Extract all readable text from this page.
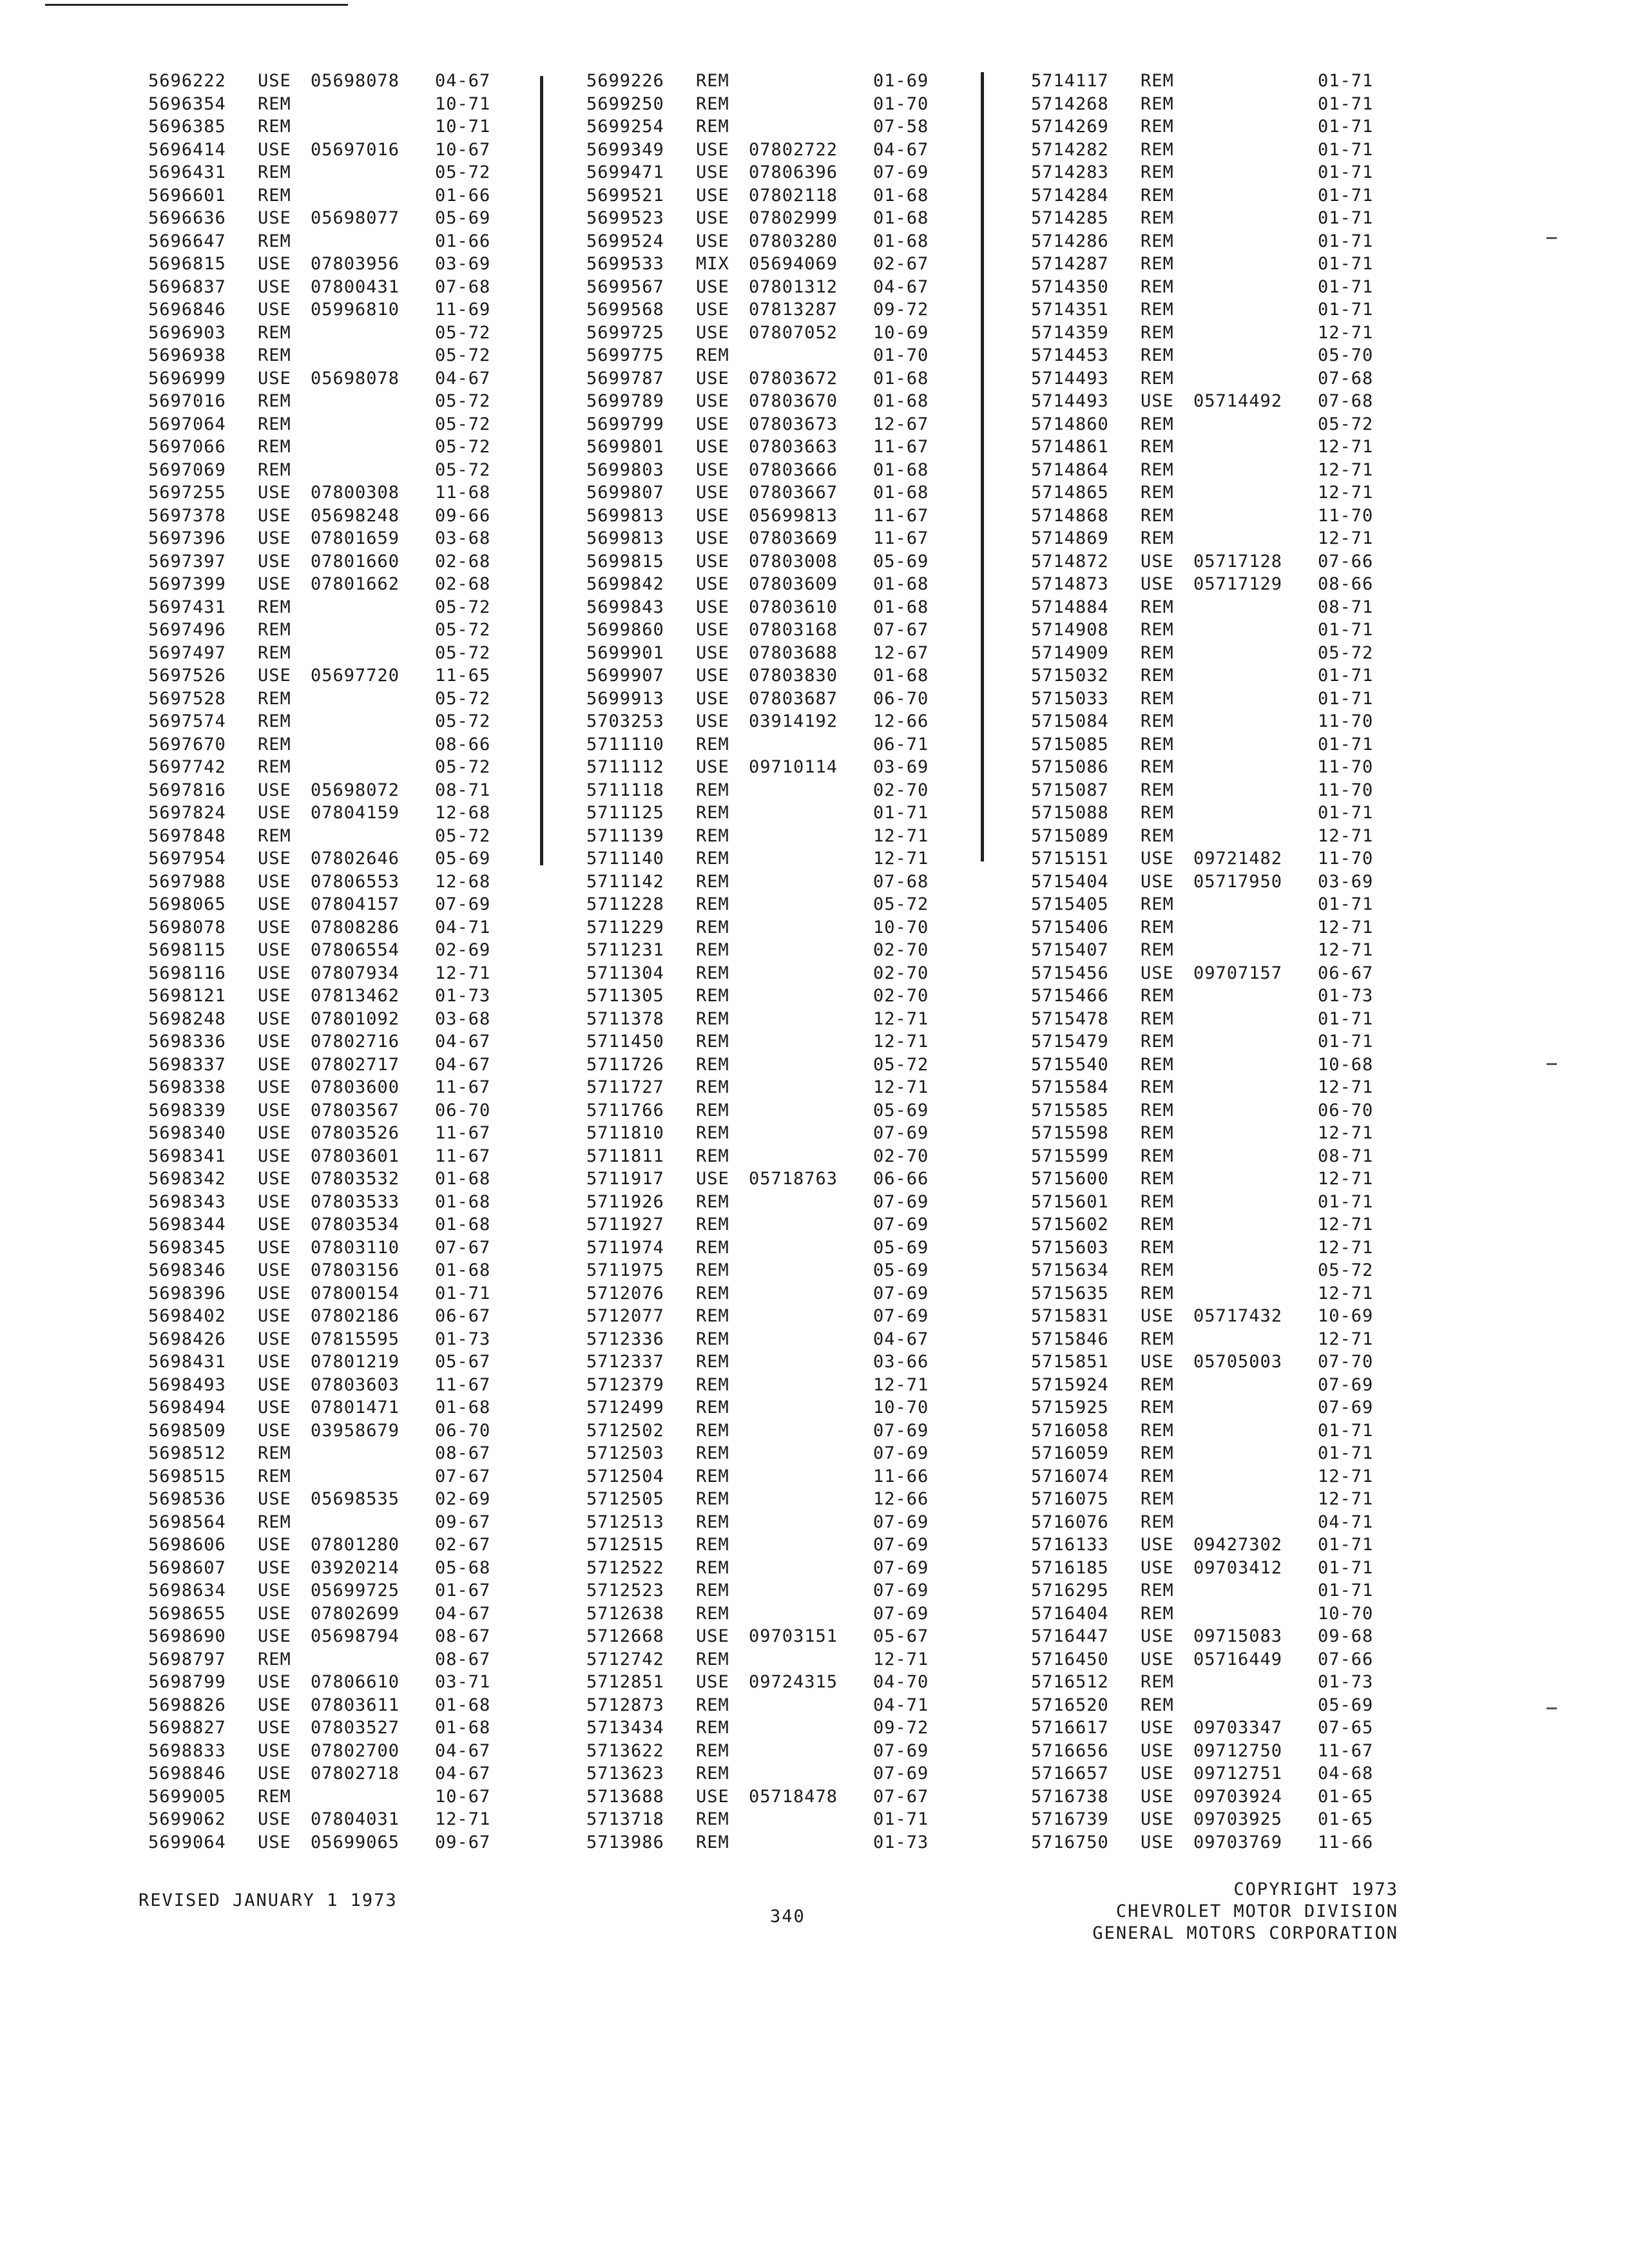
5696222 USE 05698078 04-67
5696354 REM	10-71
5696385 REM	10-71
5696414 USE 05697016 10-67
5696431 REM	05-72
5696601 REM	01-66
5696636 USE 05698077 05-69
5696647 REM	01-66
5696815 USE 07803956 03-69
5696837 USE 07800431 07-68
5696846 USE 05996810 11-69
5696903 REM	05-72
5696938 REM	05-72
5696999 USE 05698078 04-67
5697016 REM	05-72
5697064 REM	05-72
5697066 REM	05-72
5697069 REM	05-72
5697255 USE 07800308 11-68
5697378 USE 05698248 09-66
5697396 USE 07801659 03-68
5697397 USE 07801660 02-68
5697399 USE 07801662 02-68
5697431 REM	05-72
5697496 REM	05-72
5697497 REM	05-72
5697526 USE 05697720 11-65
5697528 REM	05-72
5697574 REM	05-72
5697670 REM	08-66
5697742 REM	05-72
5697816 USE 05698072 08-71
5697824 USE 07804159 12-68
5697848 REM	05-72
5697954 USE 07802646 05-69
5697988 USE 07806553 12-68
5698065 USE 07804157 07-69
5698078 USE 07808286 04-71
5698115 USE 07806554 02-69
5698116 USE 07807934 12-71
5698121 USE 07813462 01-73
5698248 USE 07801092 03-68
5698336 USE 07802716 04-67
5698337 USE 07802717 04-67
5698338 USE 07803600 11-67
5698339 USE 07803567 06-70
5698340 USE 07803526 11-67
5698341 USE 07803601 11-67
5698342 USE 07803532 01-68
5698343 USE 07803533 01-68
5698344 USE 07803534 01-68
5698345 USE 07803110 07-67
5698346 USE 07803156 01-68
5698396 USE 07800154 01-71
5698402 USE 07802186 06-67
5698426 USE 07815595 01-73
5698431 USE 07801219 05-67
5698493 USE 07803603 11-67
5698494 USE 07801471 01-68
5698509 USE 03958679 06-70
5698512 REM	08-67
5698515 REM	07-67
5698536 USE 05698535 02-69
5698564 REM	09-67
5698606 USE 07801280 02-67
5698607 USE 03920214 05-68
5698634 USE 05699725 01-67
5698655 USE 07802699 04-67
5698690 USE 05698794 08-67
5698797 REM	08-67
5698799 USE 07806610 03-71
5698826 USE 07803611 01-68
5698827 USE 07803527 01-68
5698833 USE 07802700 04-67
5698846 USE 07802718 04-67
5699005 REM	10-67
5699062 USE 07804031 12-71
5699064 USE 05699065 09-67
5699226 REM	01-69
5699250 REM	01-70
5699254 REM	07-58
5699349 USE 07802722 04-67
5699471 USE 07806396 07-69
5699521 USE 07802118 01-68
5699523 USE 07802999 01-68
5699524 USE 07803280 01-68
5699533 MIX 05694069 02-67
5699567 USE 07801312 04-67
5699568 USE 07813287 09-72
5699725 USE 07807052 10-69
5699775 REM	01-70
5699787 USE 07803672 01-68
5699789 USE 07803670 01-68
5699799 USE 07803673 12-67
5699801 USE 07803663 11-67
5699803 USE 07803666 01-68
5699807 USE 07803667 01-68
5699813 USE 05699813 11-67
5699813 USE 07803669 11-67
5699815 USE 07803008 05-69
5699842 USE 07803609 01-68
5699843 USE 07803610 01-68
5699860 USE 07803168 07-67
5699901 USE 07803688 12-67
5699907 USE 07803830 01-68
5699913 USE 07803687 06-70
5703253 USE 03914192 12-66
5711110 REM	06-71
5711112 USE 09710114 03-69
5711118 REM	02-70
5711125 REM	01-71
5711139 REM	12-71
5711140 REM	12-71
5711142 REM	07-68
5711228 REM	05-72
5711229 REM	10-70
5711231 REM	02-70
5711304 REM	02-70
5711305 REM	02-70
5711378 REM	12-71
5711450 REM	12-71
5711726 REM	05-72
5711727 REM	12-71
5711766 REM	05-69
5711810 REM	07-69
5711811 REM	02-70
5711917 USE 05718763 06-66
5711926 REM	07-69
5711927 REM	07-69
5711974 REM	05-69
5711975 REM	05-69
5712076 REM	07-69
5712077 REM	07-69
5712336 REM	04-67
5712337 REM	03-66
5712379 REM	12-71
5712499 REM	10-70
5712502 REM	07-69
5712503 REM	07-69
5712504 REM	11-66
5712505 REM	12-66
5712513 REM	07-69
5712515 REM	07-69
5712522 REM	07-69
5712523 REM	07-69
5712638 REM	07-69
5712668 USE 09703151 05-67
5712742 REM	12-71
5712851 USE 09724315 04-70
5712873 REM	04-71
5713434 REM	09-72
5713622 REM	07-69
5713623 REM	07-69
5713688 USE 05718478 07-67
5713718 REM	01-71
5713986 REM	01-73
5714117 REM	01-71
5714268 REM	01-71
5714269 REM	01-71
5714282 REM	01-71
5714283 REM	01-71
5714284 REM	01-71
5714285 REM	01-71
5714286 REM	01-71
5714287 REM	01-71
5714350 REM	01-71
5714351 REM	01-71
5714359 REM	12-71
5714453 REM	05-70
5714493 REM	07-68
5714493 USE 05714492 07-68
5714860 REM	05-72
5714861 REM	12-71
5714864 REM	12-71
5714865 REM	12-71
5714868 REM	11-70
5714869 REM	12-71
5714872 USE 05717128 07-66
5714873 USE 05717129 08-66
5714884 REM	08-71
5714908 REM	01-71
5714909 REM	05-72
5715032 REM	01-71
5715033 REM	01-71
5715084 REM	11-70
5715085 REM	01-71
5715086 REM	11-70
5715087 REM	11-70
5715088 REM	01-71
5715089 REM	12-71
5715151 USE 09721482 11-70
5715404 USE 05717950 03-69
5715405 REM	01-71
5715406 REM	12-71
5715407 REM	12-71
5715456 USE 09707157 06-67
5715466 REM	01-73
5715478 REM	01-71
5715479 REM	01-71
5715540 REM	10-68
5715584 REM	12-71
5715585 REM	06-70
5715598 REM	12-71
5715599 REM	08-71
5715600 REM	12-71
5715601 REM	01-71
5715602 REM	12-71
5715603 REM	12-71
5715634 REM	05-72
5715635 REM	12-71
5715831 USE 05717432 10-69
5715846 REM	12-71
5715851 USE 05705003 07-70
5715924 REM	07-69
5715925 REM	07-69
5716058 REM	01-71
5716059 REM	01-71
5716074 REM	12-71
5716075 REM	12-71
5716076 REM	04-71
5716133 USE 09427302 01-71
5716185 USE 09703412 01-71
5716295 REM	01-71
5716404 REM	10-70
5716447 USE 09715083 09-68
5716450 USE 05716449 07-66
5716512 REM	01-73
5716520 REM	05-69
5716617 USE 09703347 07-65
5716656 USE 09712750 11-67
5716657 USE 09712751 04-68
5716738 USE 09703924 01-65
5716739 USE 09703925 01-65
5716750 USE 09703769 11-66
REVISED JANUARY 1 1973
340
COPYRIGHT 1973
CHEVROLET MOTOR DIVISION
GENERAL MOTORS CORPORATION
